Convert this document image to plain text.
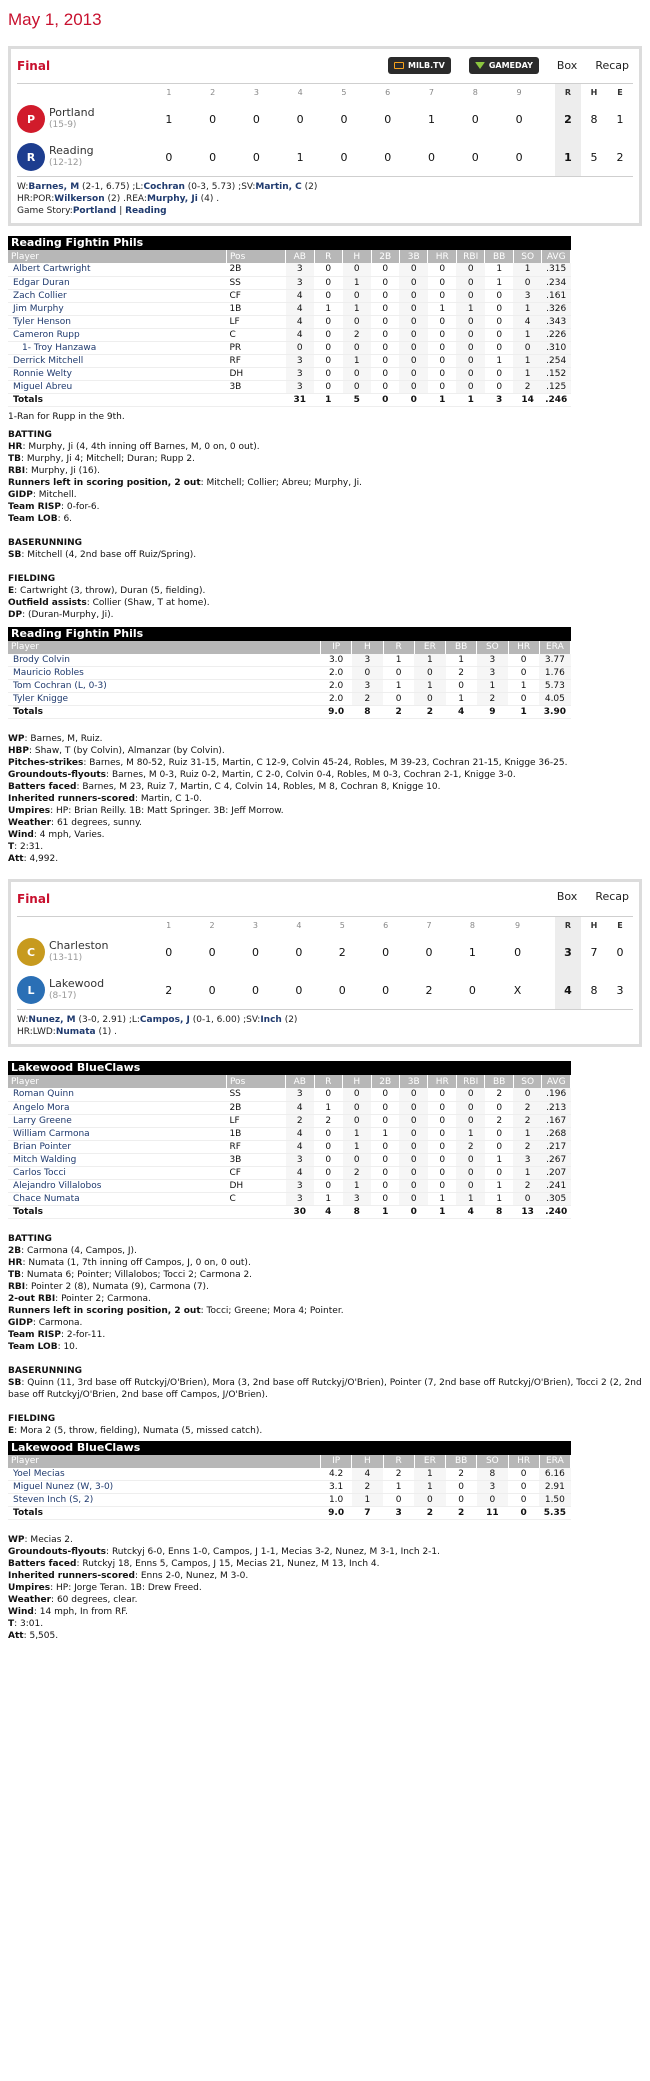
May 1, 2013
Final	MILB.TV	GAMEDAY Box Recap
	1	2	3	4	5	6	7	8	9		R	H	E

P Portland
(15-9)	1	0	0	0	0	0	1	0	0		2	8	1

R Reading
(12-12)	0	0	0	1	0	0	0	0	0		1	5	2
W:Barnes, M (2-1, 6.75) ;L:Cochran (0-3, 5.73) ;SV:Martin, C (2)
HR:POR:Wilkerson (2) .REA:Murphy, Ji (4) .
Game Story:Portland | Reading
Reading Fightin Phils
Player	Pos	AB	R	H	2B	3B	HR	RBI	BB	SO	AVG
Albert Cartwright	2B	3	0	0	0	0	0	0	1	1	.315
Edgar Duran	SS	3	0	1	0	0	0	0	1	0	.234
Zach Collier	CF	4	0	0	0	0	0	0	0	3	.161
Jim Murphy	1B	4	1	1	0	0	1	1	0	1	.326
Tyler Henson	LF	4	0	0	0	0	0	0	0	4	.343
Cameron Rupp	C	4	0	2	0	0	0	0	0	1	.226
1- Troy Hanzawa	PR	0	0	0	0	0	0	0	0	0	.310
Derrick Mitchell	RF	3	0	1	0	0	0	0	1	1	.254
Ronnie Welty	DH	3	0	0	0	0	0	0	0	1	.152
Miguel Abreu	3B	3	0	0	0	0	0	0	0	2	.125
Totals		31	1	5	0	0	1	1	3	14	.246

1-Ran for Rupp in the 9th.

BATTING

HR: Murphy, Ji (4, 4th inning off Barnes, M, 0 on, 0 out).

TB: Murphy, Ji 4; Mitchell; Duran; Rupp 2.

RBI: Murphy, Ji (16).

Runners left in scoring position, 2 out: Mitchell; Collier; Abreu; Murphy, Ji.

GIDP: Mitchell.

Team RISP: 0-for-6.

Team LOB: 6.

BASERUNNING

SB: Mitchell (4, 2nd base off Ruiz/Spring).

FIELDING

E: Cartwright (3, throw), Duran (5, fielding).

Outfield assists: Collier (Shaw, T at home).

DP: (Duran-Murphy, Ji).

Reading Fightin Phils
Player	IP	H	R	ER	BB	SO	HR	ERA
Brody Colvin	3.0	3	1	1	1	3	0	3.77
Mauricio Robles	2.0	0	0	0	2	3	0	1.76
Tom Cochran (L, 0-3)	2.0	3	1	1	0	1	1	5.73
Tyler Knigge	2.0	2	0	0	1	2	0	4.05
Totals	9.0	8	2	2	4	9	1	3.90

WP: Barnes, M, Ruiz.

HBP: Shaw, T (by Colvin), Almanzar (by Colvin).

Pitches-strikes: Barnes, M 80-52, Ruiz 31-15, Martin, C 12-9, Colvin 45-24, Robles, M 39-23, Cochran 21-15, Knigge 36-25.

Groundouts-flyouts: Barnes, M 0-3, Ruiz 0-2, Martin, C 2-0, Colvin 0-4, Robles, M 0-3, Cochran 2-1, Knigge 3-0.

Batters faced: Barnes, M 23, Ruiz 7, Martin, C 4, Colvin 14, Robles, M 8, Cochran 8, Knigge 10.

Inherited runners-scored: Martin, C 1-0.

Umpires: HP: Brian Reilly. 1B: Matt Springer. 3B: Jeff Morrow.

Weather: 61 degrees, sunny.

Wind: 4 mph, Varies.

T: 2:31.

Att: 4,992.

Final	Box Recap
	1	2	3	4	5	6	7	8	9		R	H	E

C Charleston
(13-11)	0	0	0	0	2	0	0	1	0		3	7	0

L Lakewood
(8-17)	2	0	0	0	0	0	2	0	X		4	8	3
W:Nunez, M (3-0, 2.91) ;L:Campos, J (0-1, 6.00) ;SV:Inch (2)
HR:LWD:Numata (1) .
Lakewood BlueClaws
Player	Pos	AB	R	H	2B	3B	HR	RBI	BB	SO	AVG
Roman Quinn	SS	3	0	0	0	0	0	0	2	0	.196
Angelo Mora	2B	4	1	0	0	0	0	0	0	2	.213
Larry Greene	LF	2	2	0	0	0	0	0	2	2	.167
William Carmona	1B	4	0	1	1	0	0	1	0	1	.268
Brian Pointer	RF	4	0	1	0	0	0	2	0	2	.217
Mitch Walding	3B	3	0	0	0	0	0	0	1	3	.267
Carlos Tocci	CF	4	0	2	0	0	0	0	0	1	.207
Alejandro Villalobos	DH	3	0	1	0	0	0	0	1	2	.241
Chace Numata	C	3	1	3	0	0	1	1	1	0	.305
Totals		30	4	8	1	0	1	4	8	13	.240

BATTING

2B: Carmona (4, Campos, J).

HR: Numata (1, 7th inning off Campos, J, 0 on, 0 out).

TB: Numata 6; Pointer; Villalobos; Tocci 2; Carmona 2.

RBI: Pointer 2 (8), Numata (9), Carmona (7).

2-out RBI: Pointer 2; Carmona.

Runners left in scoring position, 2 out: Tocci; Greene; Mora 4; Pointer.

GIDP: Carmona.

Team RISP: 2-for-11.

Team LOB: 10.

BASERUNNING

SB: Quinn (11, 3rd base off Rutckyj/O'Brien), Mora (3, 2nd base off Rutckyj/O'Brien), Pointer (7, 2nd base off Rutckyj/O'Brien), Tocci 2 (2, 2nd base off Rutckyj/O'Brien, 2nd base off Campos, J/O'Brien).

FIELDING

E: Mora 2 (5, throw, fielding), Numata (5, missed catch).

Lakewood BlueClaws
Player	IP	H	R	ER	BB	SO	HR	ERA
Yoel Mecias	4.2	4	2	1	2	8	0	6.16
Miguel Nunez (W, 3-0)	3.1	2	1	1	0	3	0	2.91
Steven Inch (S, 2)	1.0	1	0	0	0	0	0	1.50
Totals	9.0	7	3	2	2	11	0	5.35

WP: Mecias 2.

Groundouts-flyouts: Rutckyj 6-0, Enns 1-0, Campos, J 1-1, Mecias 3-2, Nunez, M 3-1, Inch 2-1.

Batters faced: Rutckyj 18, Enns 5, Campos, J 15, Mecias 21, Nunez, M 13, Inch 4.

Inherited runners-scored: Enns 2-0, Nunez, M 3-0.

Umpires: HP: Jorge Teran. 1B: Drew Freed.

Weather: 60 degrees, clear.

Wind: 14 mph, In from RF.

T: 3:01.

Att: 5,505.
